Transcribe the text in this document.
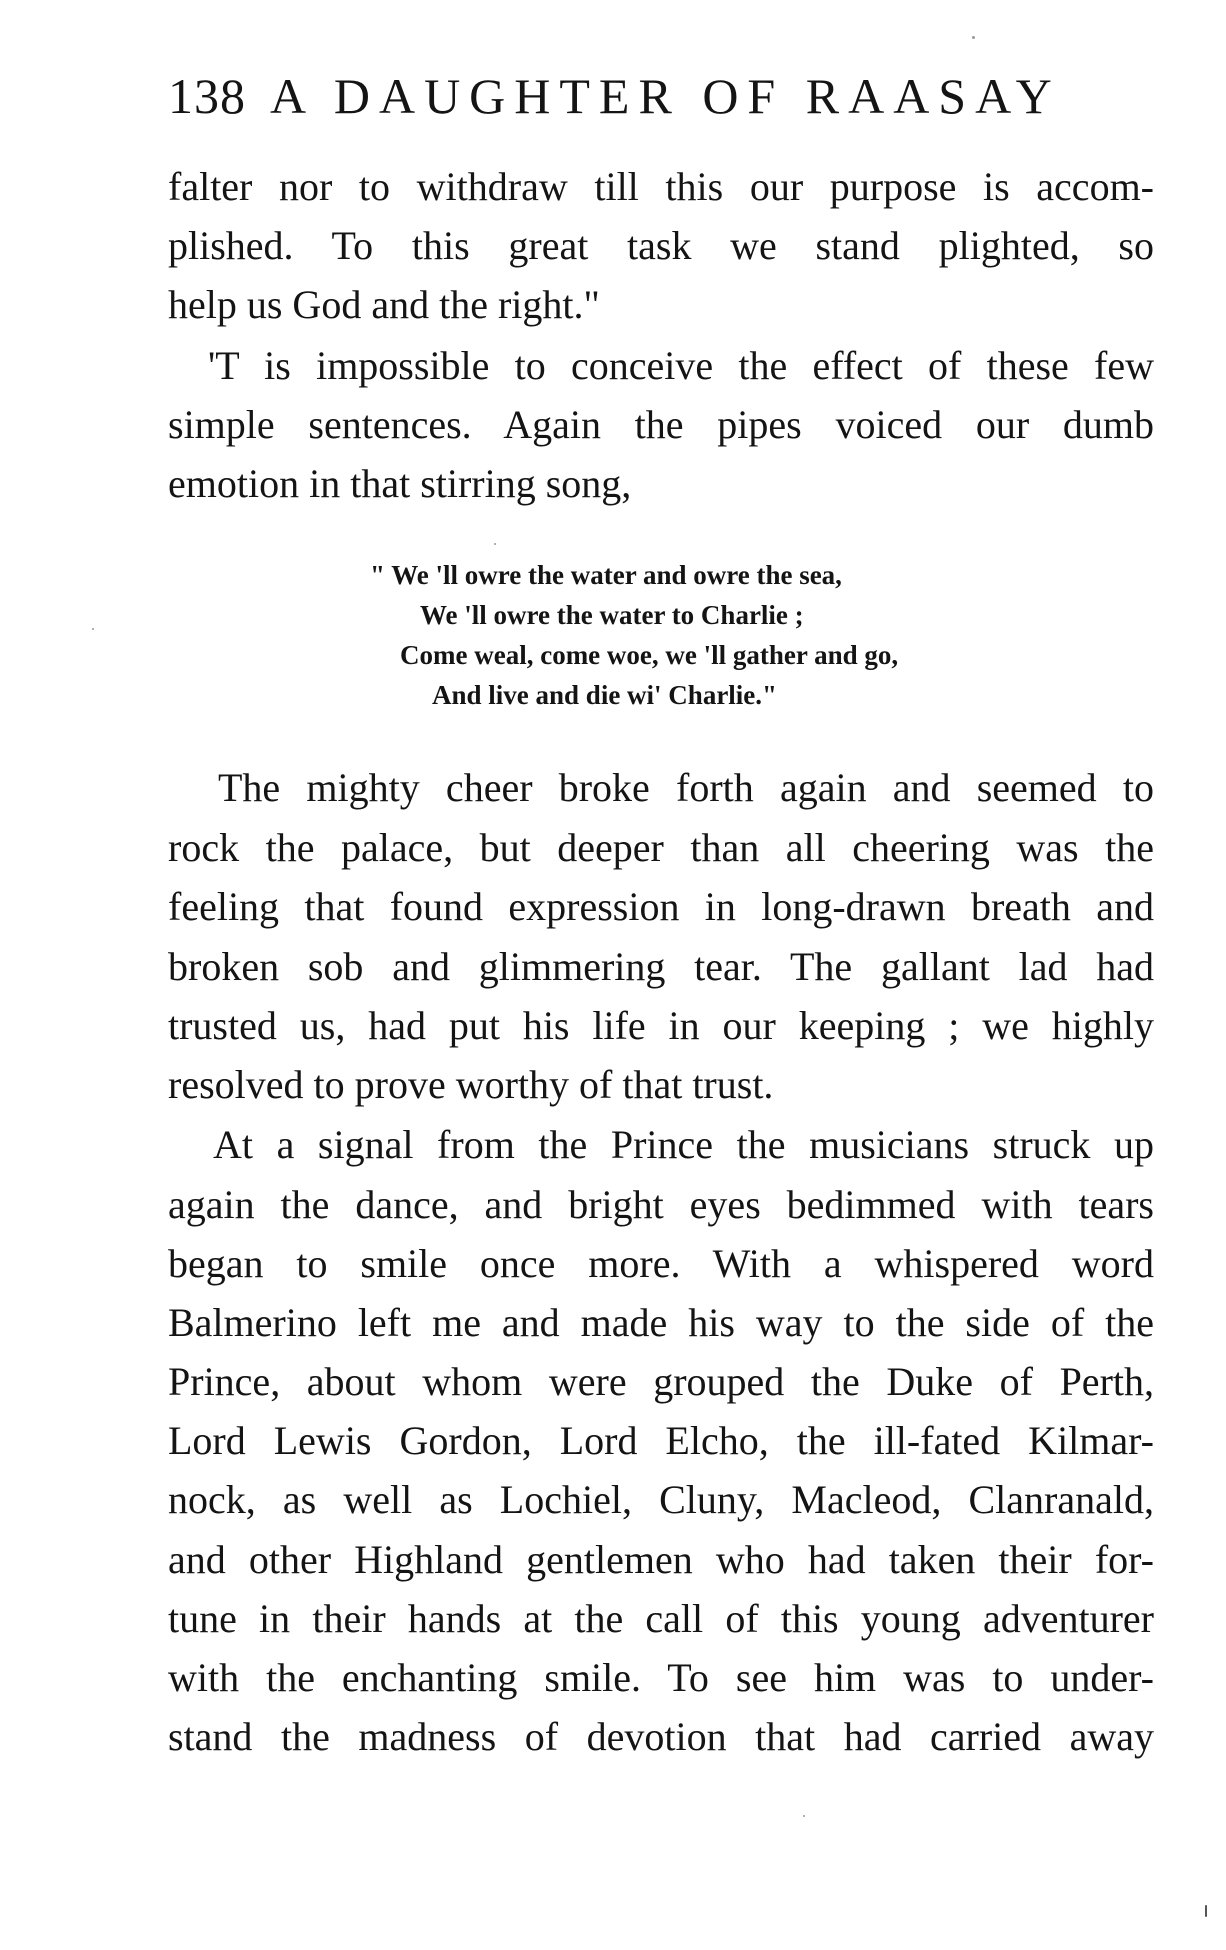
138 A DAUGHTER OF RAASAY
falter nor to withdraw till this our purpose is accom-
plished. To this great task we stand plighted, so
help us God and the right."
'T is impossible to conceive the effect of these few
simple sentences. Again the pipes voiced our dumb
emotion in that stirring song,
" We 'll owre the water and owre the sea,
We 'll owre the water to Charlie ;
Come weal, come woe, we 'll gather and go,
And live and die wi' Charlie."
The mighty cheer broke forth again and seemed to
rock the palace, but deeper than all cheering was the
feeling that found expression in long-drawn breath and
broken sob and glimmering tear. The gallant lad had
trusted us, had put his life in our keeping ; we highly
resolved to prove worthy of that trust.
At a signal from the Prince the musicians struck up
again the dance, and bright eyes bedimmed with tears
began to smile once more. With a whispered word
Balmerino left me and made his way to the side of the
Prince, about whom were grouped the Duke of Perth,
Lord Lewis Gordon, Lord Elcho, the ill-fated Kilmar-
nock, as well as Lochiel, Cluny, Macleod, Clanranald,
and other Highland gentlemen who had taken their for-
tune in their hands at the call of this young adventurer
with the enchanting smile. To see him was to under-
stand the madness of devotion that had carried away
